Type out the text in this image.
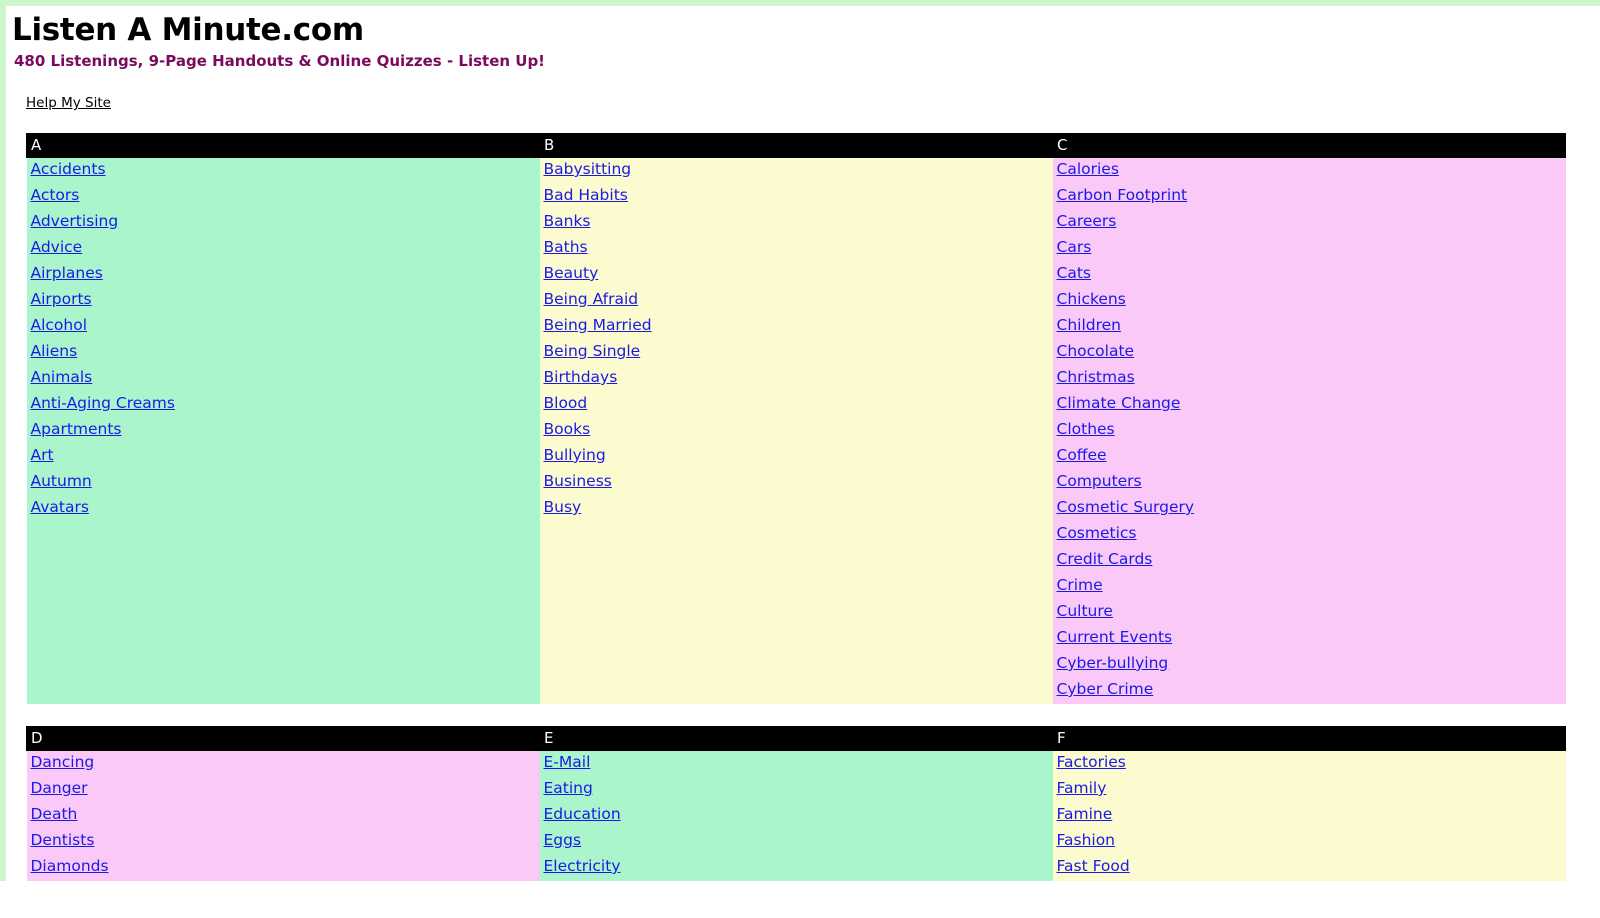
Listen A Minute.com
480 Listenings, 9-Page Handouts & Online Quizzes - Listen Up!
Help My Site
A	B	C
Accidents	Babysitting	Calories
Actors	Bad Habits	Carbon Footprint
Advertising	Banks	Careers
Advice	Baths	Cars
Airplanes	Beauty	Cats
Airports	Being Afraid	Chickens
Alcohol	Being Married	Children
Aliens	Being Single	Chocolate
Animals	Birthdays	Christmas
Anti-Aging Creams	Blood	Climate Change
Apartments	Books	Clothes
Art	Bullying	Coffee
Autumn	Business	Computers
Avatars	Busy	Cosmetic Surgery
		Cosmetics
		Credit Cards
		Crime
		Culture
		Current Events
		Cyber-bullying
		Cyber Crime
D	E	F
Dancing	E-Mail	Factories
Danger	Eating	Family
Death	Education	Famine
Dentists	Eggs	Fashion
Diamonds	Electricity	Fast Food
